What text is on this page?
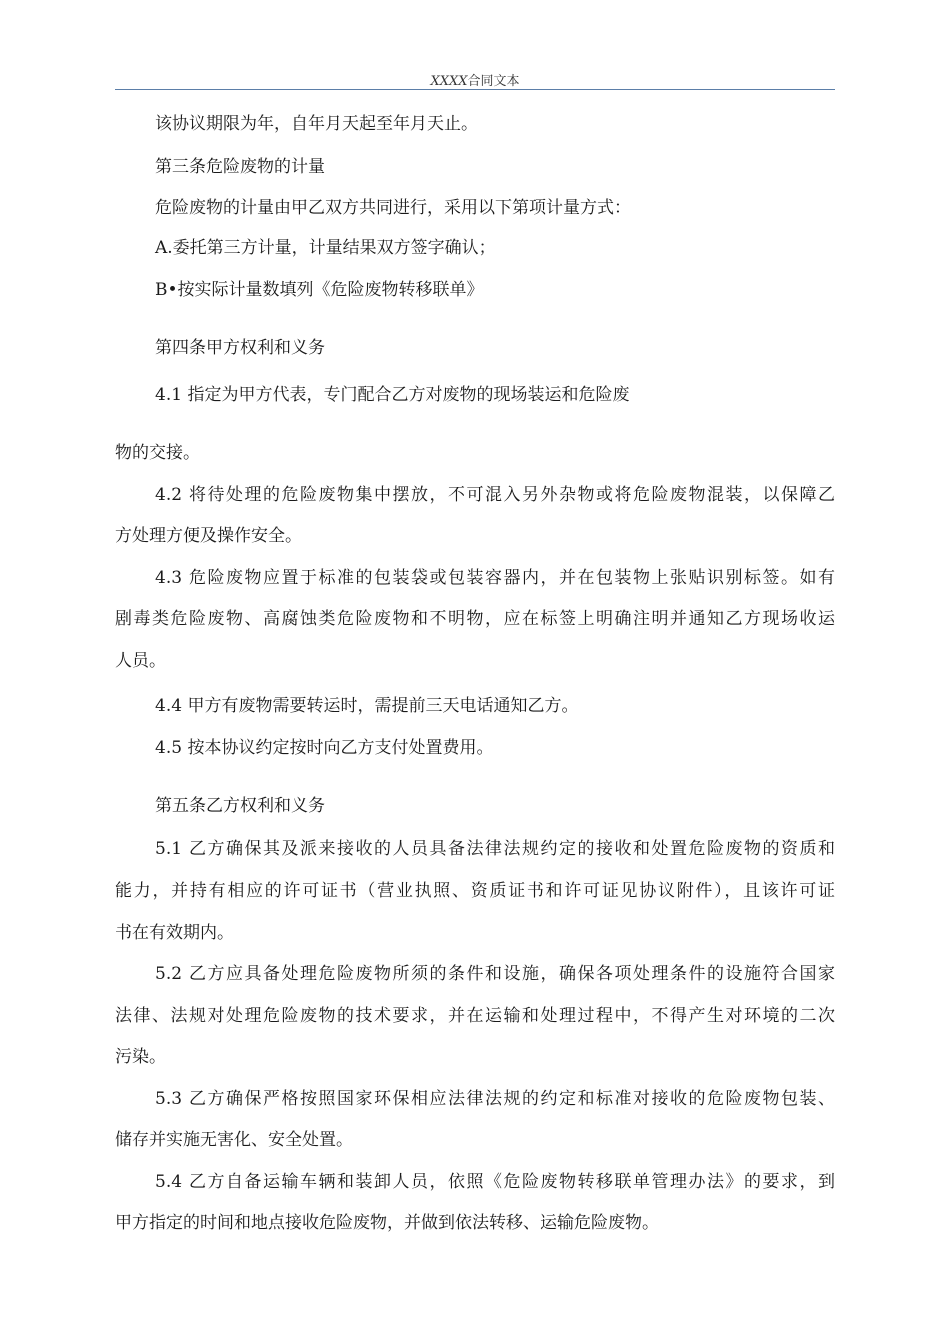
XXXX合同文本
该协议期限为年，自年月天起至年月天止。
第三条危险废物的计量
危险废物的计量由甲乙双方共同进行，采用以下第项计量方式：
A.委托第三方计量，计量结果双方签字确认；
B•按实际计量数填列《危险废物转移联单》
第四条甲方权利和义务
4.1 指定为甲方代表，专门配合乙方对废物的现场装运和危险废
物的交接。
4.2 将待处理的危险废物集中摆放，不可混入另外杂物或将危险废物混装，以保障乙
方处理方便及操作安全。
4.3 危险废物应置于标准的包装袋或包装容器内，并在包装物上张贴识别标签。如有
剧毒类危险废物、高腐蚀类危险废物和不明物，应在标签上明确注明并通知乙方现场收运
人员。
4.4 甲方有废物需要转运时，需提前三天电话通知乙方。
4.5 按本协议约定按时向乙方支付处置费用。
第五条乙方权利和义务
5.1 乙方确保其及派来接收的人员具备法律法规约定的接收和处置危险废物的资质和
能力，并持有相应的许可证书（营业执照、资质证书和许可证见协议附件），且该许可证
书在有效期内。
5.2 乙方应具备处理危险废物所须的条件和设施，确保各项处理条件的设施符合国家
法律、法规对处理危险废物的技术要求，并在运输和处理过程中，不得产生对环境的二次
污染。
5.3 乙方确保严格按照国家环保相应法律法规的约定和标准对接收的危险废物包装、
储存并实施无害化、安全处置。
5.4 乙方自备运输车辆和装卸人员，依照《危险废物转移联单管理办法》的要求，到
甲方指定的时间和地点接收危险废物，并做到依法转移、运输危险废物。
